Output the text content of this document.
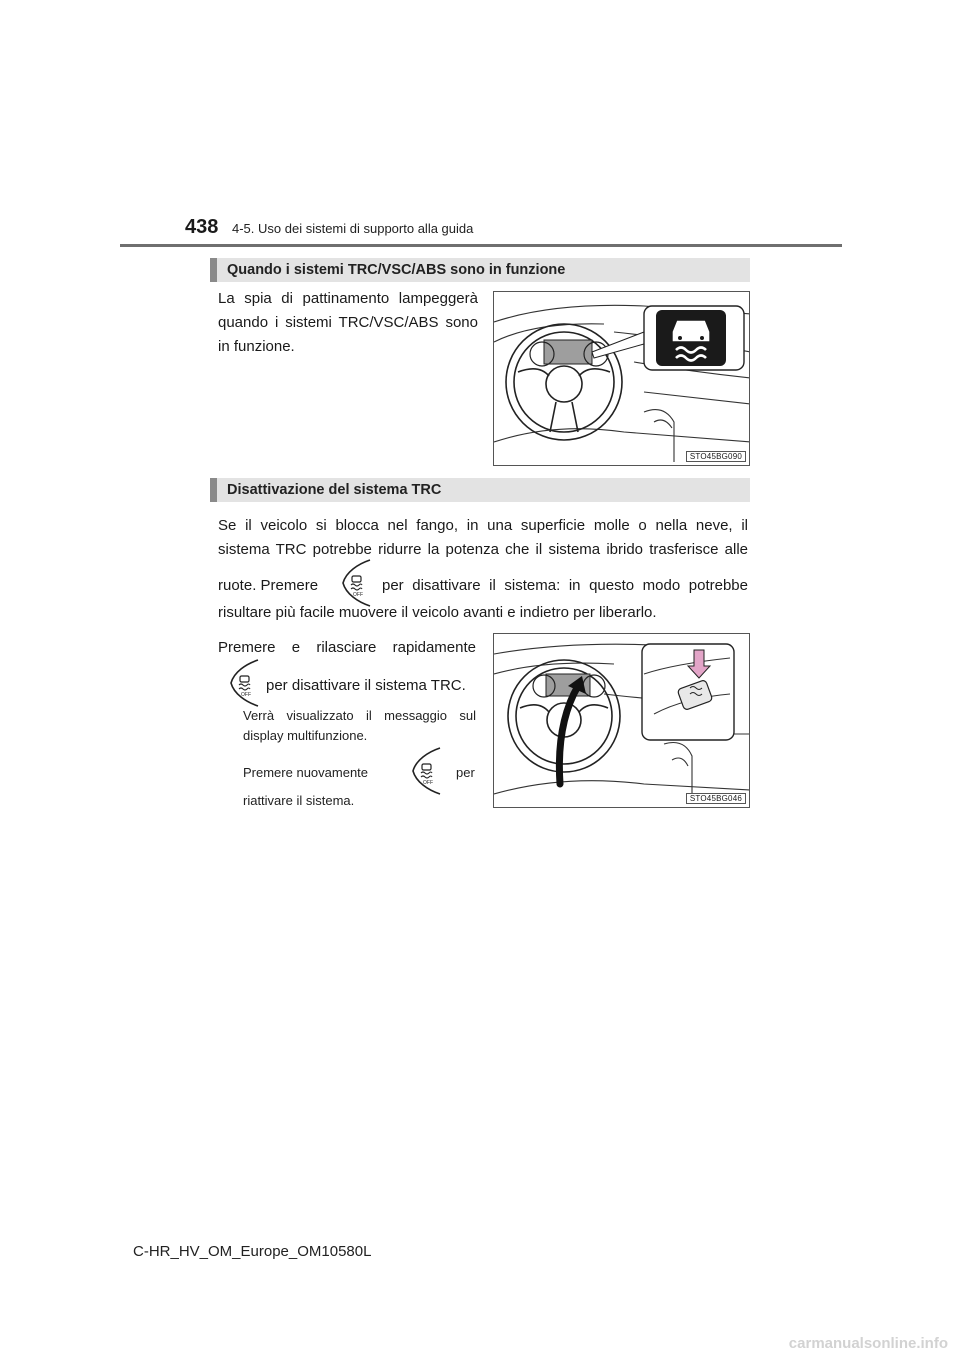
438 4-5. Uso dei sistemi di supporto alla guida
Quando i sistemi TRC/VSC/ABS sono in funzione
La spia di pattinamento lampeggerà
quando i sistemi TRC/VSC/ABS sono
in funzione.
STO45BG090
Disattivazione del sistema TRC
Se il veicolo si blocca nel fango, in una superficie molle o nella neve, il
sistema TRC potrebbe ridurre la potenza che il sistema ibrido trasferisce alle
ruote. Premere	per disattivare il sistema: in questo modo potrebbe
risultare più facile muovere il veicolo avanti e indietro per liberarlo.
Premere e rilasciare rapidamente
per disattivare il sistema TRC.
Verrà visualizzato il messaggio sul
display multifunzione.
Premere nuovamente	per
riattivare il sistema.	STO45BG046
C-HR_HV_OM_Europe_OM10580L
carmanualsonline.info
